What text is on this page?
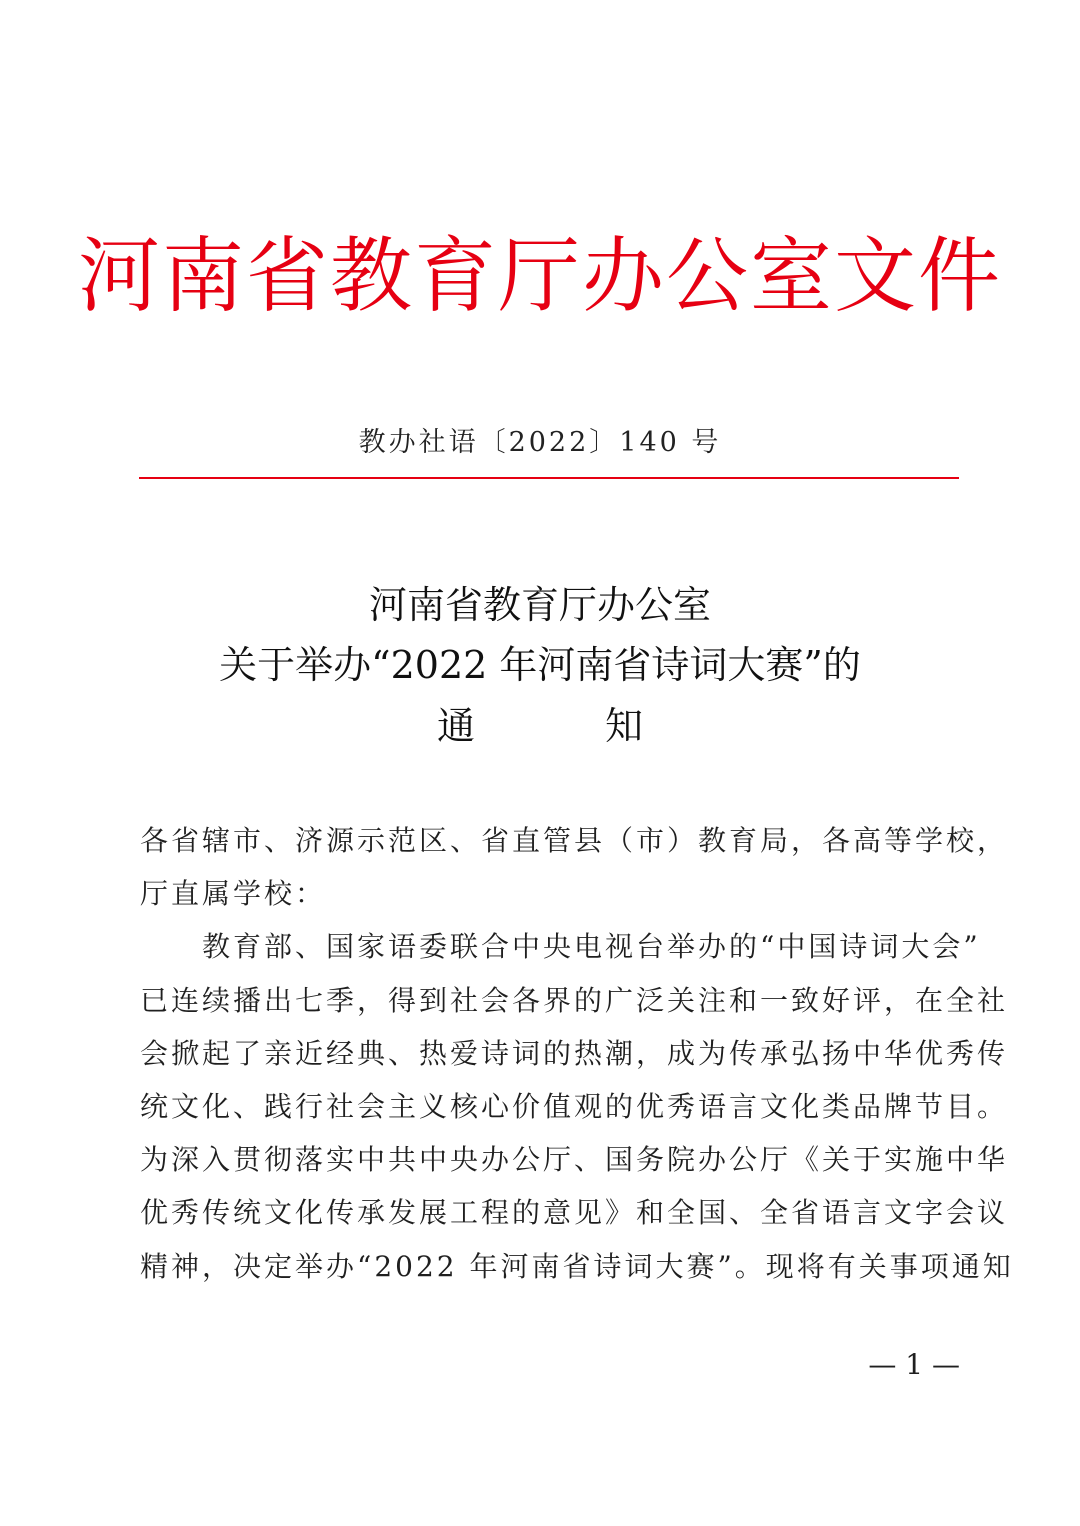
河南省教育厅办公室文件
教办社语〔2022〕140 号
河南省教育厅办公室
关于举办“2022 年河南省诗词大赛”的
通	知
各省辖市、济源示范区、省直管县（市）教育局，各高等学校，
厅直属学校：
　　教育部、国家语委联合中央电视台举办的“中国诗词大会”
已连续播出七季，得到社会各界的广泛关注和一致好评，在全社
会掀起了亲近经典、热爱诗词的热潮，成为传承弘扬中华优秀传
统文化、践行社会主义核心价值观的优秀语言文化类品牌节目。
为深入贯彻落实中共中央办公厅、国务院办公厅《关于实施中华
优秀传统文化传承发展工程的意见》和全国、全省语言文字会议
精神，决定举办“2022 年河南省诗词大赛”。现将有关事项通知
— 1 —
